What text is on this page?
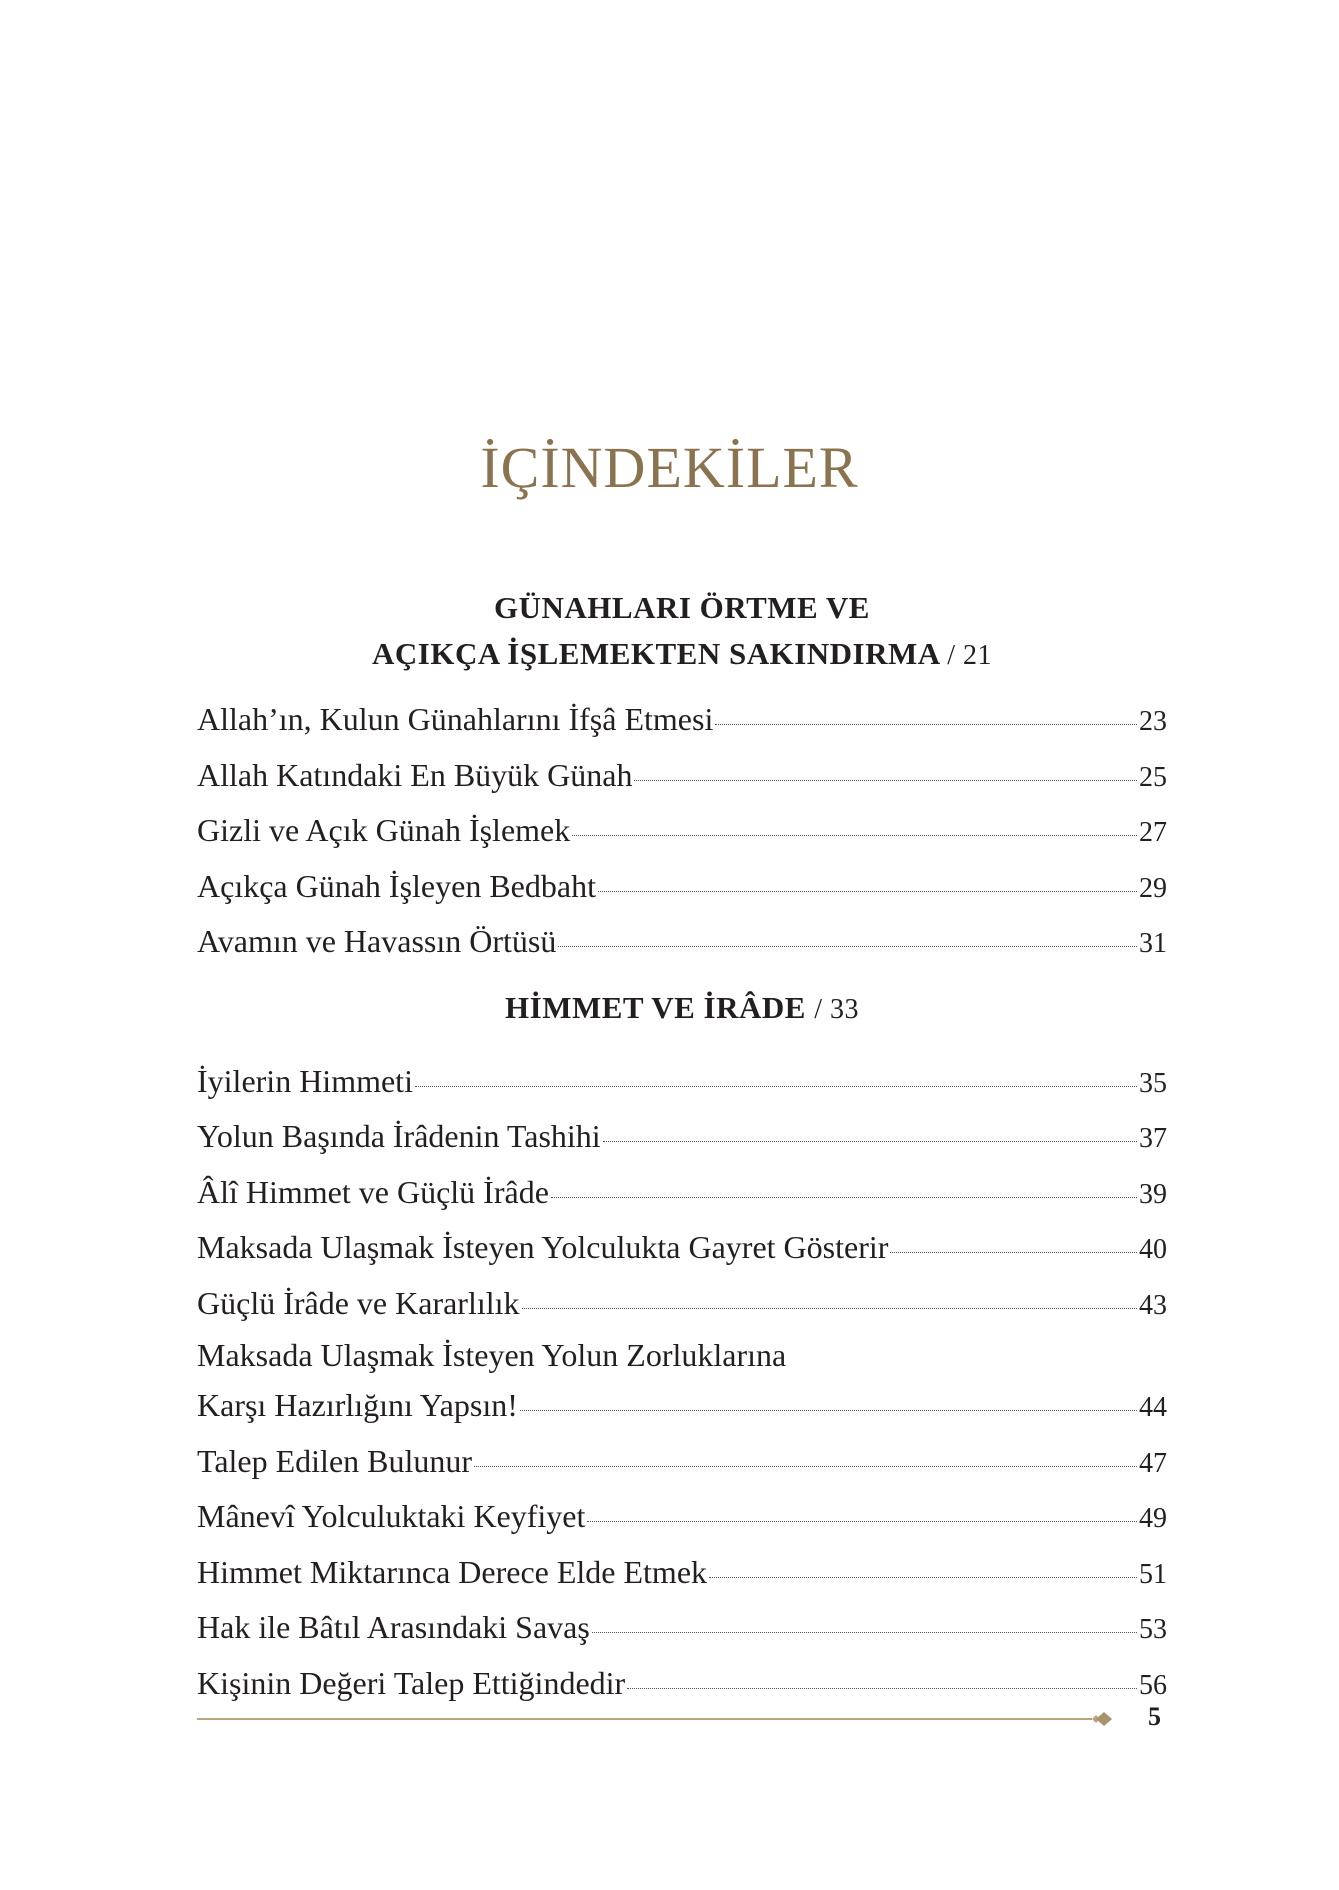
İÇİNDEKİLER
GÜNAHLARI ÖRTME VE
AÇIKÇA İŞLEMEKTEN SAKINDIRMA / 21
Allah’ın, Kulun Günahlarını İfşâ Etmesi	23
Allah Katındaki En Büyük Günah	25
Gizli ve Açık Günah İşlemek	27
Açıkça Günah İşleyen Bedbaht	29
Avamın ve Havassın Örtüsü	31
HİMMET VE İRÂDE / 33
İyilerin Himmeti	35
Yolun Başında İrâdenin Tashihi	37
Âlî Himmet ve Güçlü İrâde	39
Maksada Ulaşmak İsteyen Yolculukta Gayret Gösterir	40
Güçlü İrâde ve Kararlılık	43
Maksada Ulaşmak İsteyen Yolun Zorluklarına
Karşı Hazırlığını Yapsın!	44
Talep Edilen Bulunur	47
Mânevî Yolculuktaki Keyfiyet	49
Himmet Miktarınca Derece Elde Etmek	51
Hak ile Bâtıl Arasındaki Savaş	53
Kişinin Değeri Talep Ettiğindedir	56
5
